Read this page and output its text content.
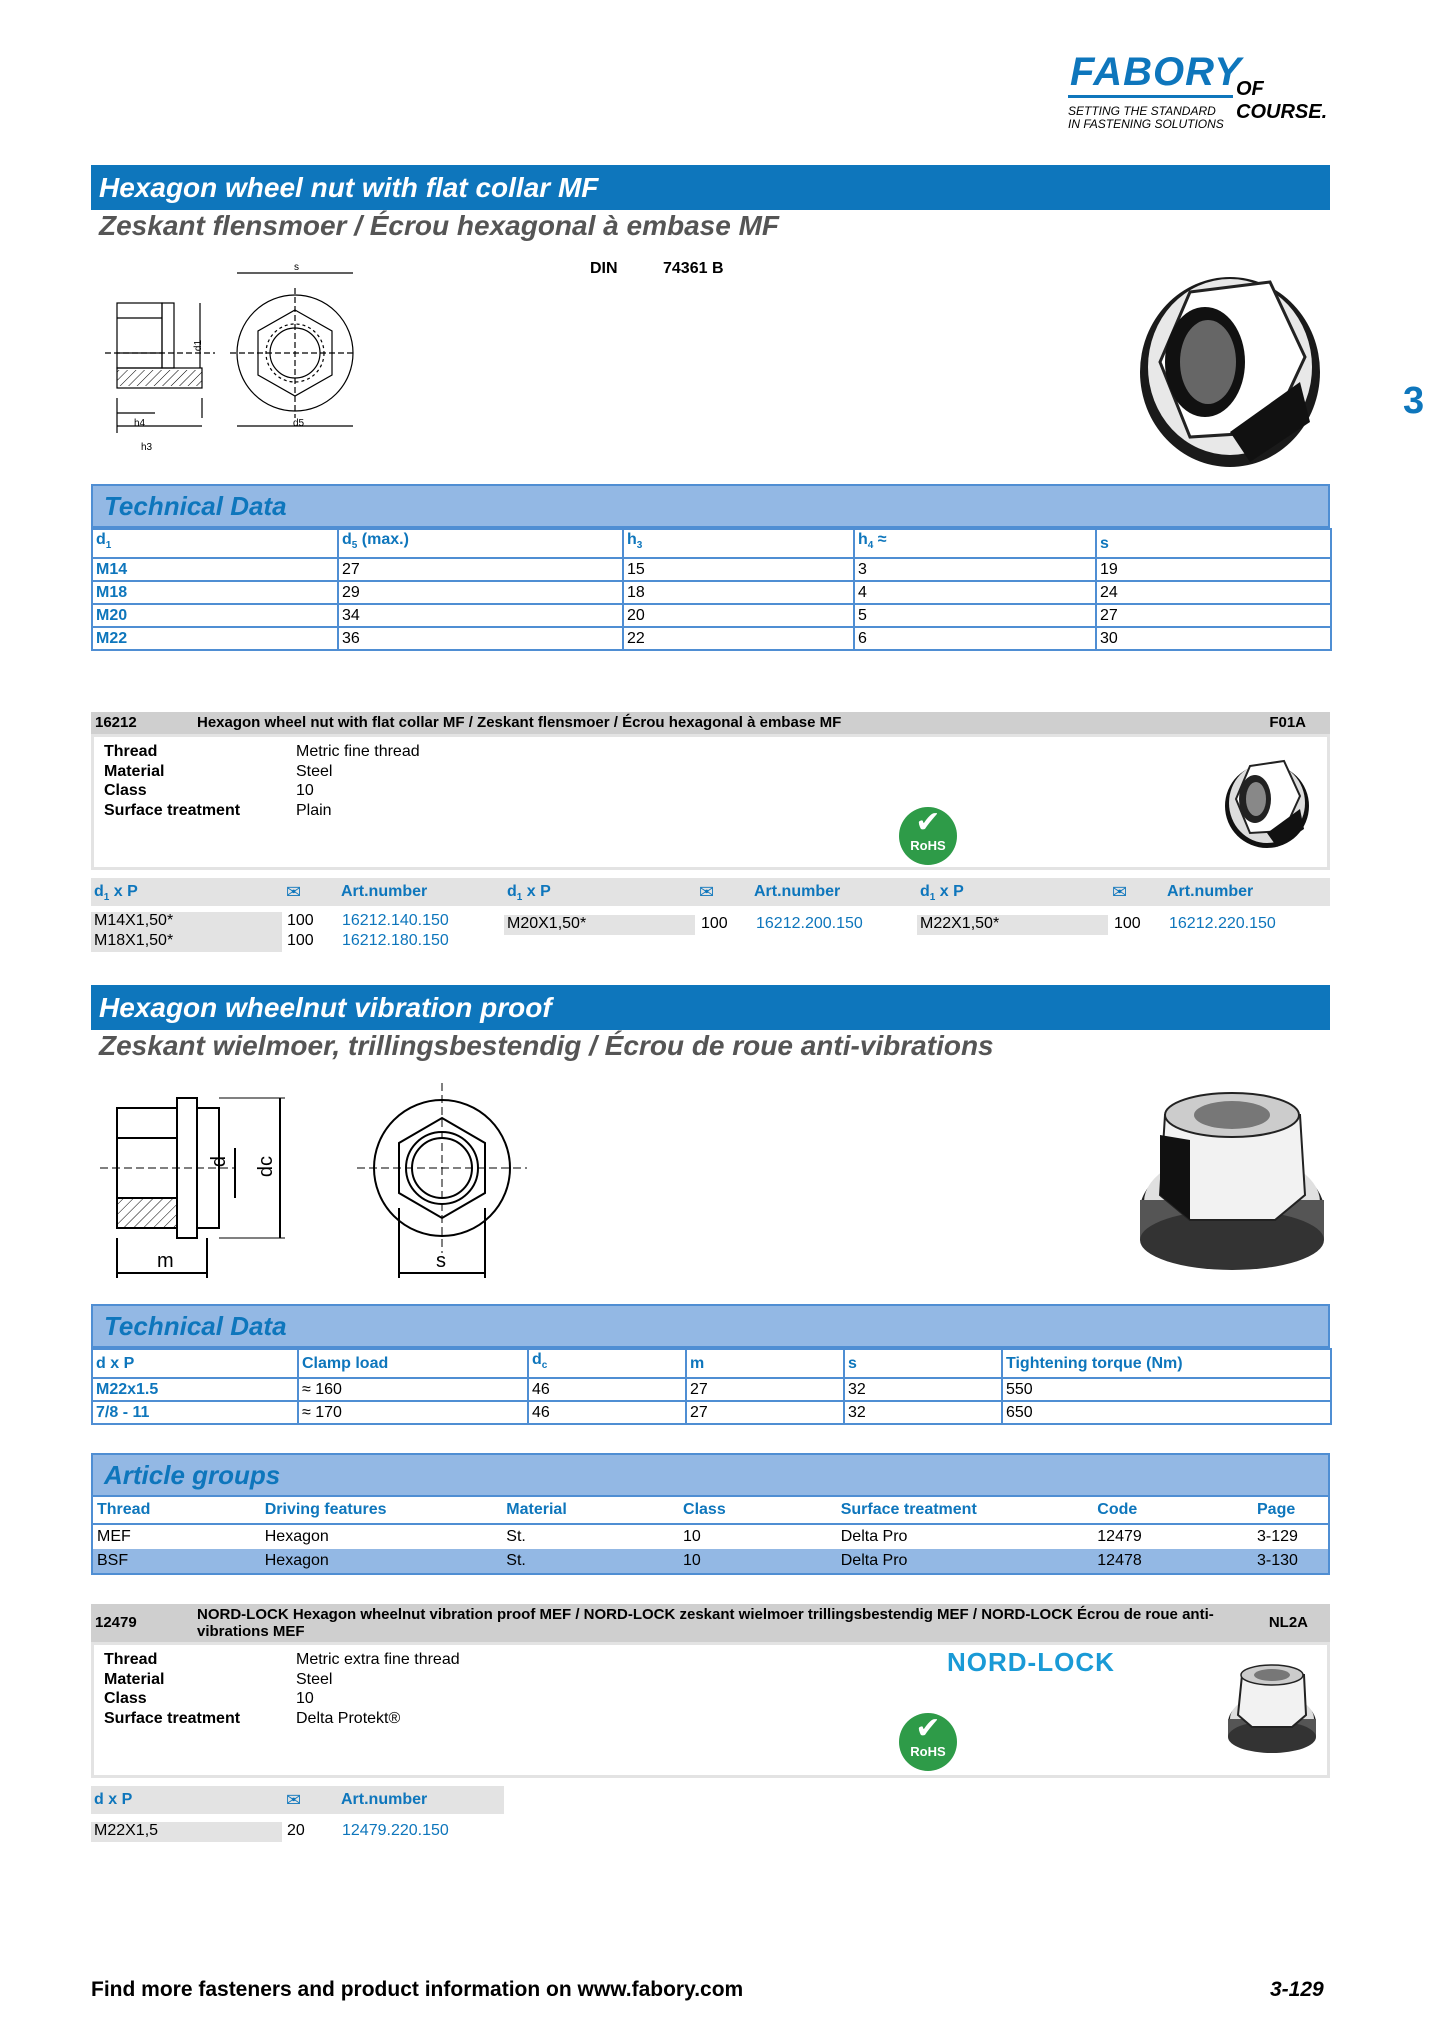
FABORY
OF COURSE.
SETTING THE STANDARD
IN FASTENING SOLUTIONS
3
Hexagon wheel nut with flat collar MF
Zeskant flensmoer / Écrou hexagonal à embase MF
DIN	74361 B
s
d1
h4
h3
d5
Technical Data
$d_1$	$d_5$ (max.)	$h_3$	$h_4$ ≈	s
M14	27	15	3	19
M18	29	18	4	24
M20	34	20	5	27
M22	36	22	6	30
16212	Hexagon wheel nut with flat collar MF / Zeskant flensmoer / Écrou hexagonal à embase MF	F01A
Thread	Metric fine thread
Material	Steel
Class	10
Surface treatment	Plain	✔
RoHS
$d_1$ x P	✉ Art.number	$d_1$ x P	✉ Art.number	$d_1$ x P	✉ Art.number
M14X1,50*	100 16212.140.150
M18X1,50*	100 16212.180.150
M20X1,50*	100 16212.200.150	M22X1,50*	100 16212.220.150
Hexagon wheelnut vibration proof
Zeskant wielmoer, trillingsbestendig / Écrou de roue anti-vibrations
d dc
m	s
Technical Data
d x P	Clamp load	$d_c$	m	s	Tightening torque (Nm)
M22x1.5	≈ 160	46	27	32	550
7/8 - 11	≈ 170	46	27	32	650
Article groups
Thread	Driving features	Material	Class	Surface treatment	Code	Page
MEF	Hexagon	St.	10	Delta Pro	12479	3-129
BSF	Hexagon	St.	10	Delta Pro	12478	3-130
12479	NORD-LOCK Hexagon wheelnut vibration proof MEF / NORD-LOCK zeskant wielmoer trillingsbestendig MEF / NORD-LOCK Écrou de roue anti-vibrations MEF
NL2A
Thread	Metric extra fine thread
Material	Steel
Class	10
Surface treatment	Delta Protekt®
NORD-LOCK
✔
RoHS
d x P	✉ Art.number
M22X1,5	20 12479.220.150
Find more fasteners and product information on www.fabory.com	3-129
